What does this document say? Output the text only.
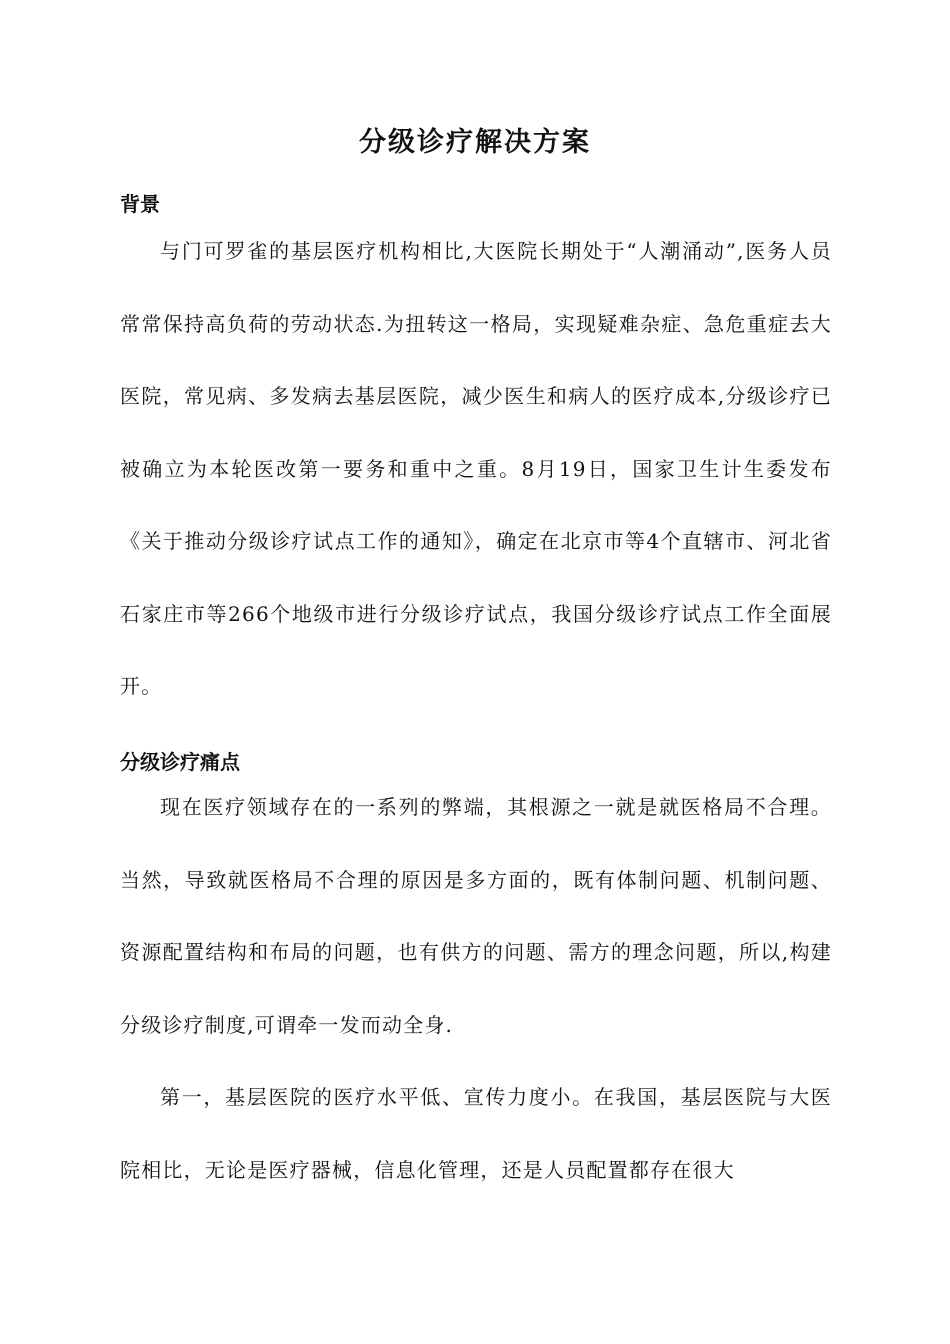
分级诊疗解决方案
背景

与门可罗雀的基层医疗机构相比,大医院长期处于“人潮涌动”,医务人员常常保持高负荷的劳动状态.为扭转这一格局，实现疑难杂症、急危重症去大医院，常见病、多发病去基层医院，减少医生和病人的医疗成本,分级诊疗已被确立为本轮医改第一要务和重中之重。8月19日，国家卫生计生委发布《关于推动分级诊疗试点工作的通知》，确定在北京市等4个直辖市、河北省石家庄市等266个地级市进行分级诊疗试点，我国分级诊疗试点工作全面展开。

分级诊疗痛点

现在医疗领域存在的一系列的弊端，其根源之一就是就医格局不合理。当然，导致就医格局不合理的原因是多方面的，既有体制问题、机制问题、资源配置结构和布局的问题，也有供方的问题、需方的理念问题，所以,构建分级诊疗制度,可谓牵一发而动全身.

第一，基层医院的医疗水平低、宣传力度小。在我国，基层医院与大医院相比，无论是医疗器械，信息化管理，还是人员配置都存在很大
